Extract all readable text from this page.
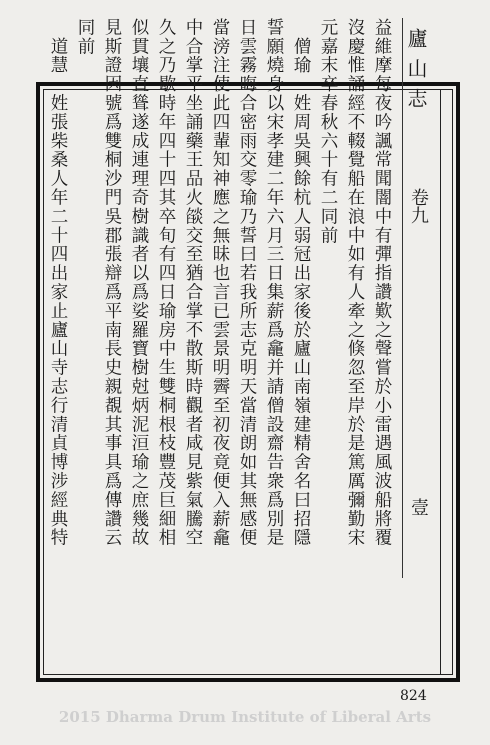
廬山志
卷九
壹
益維摩每夜吟諷常聞闇中有彈指讚歎之聲嘗於小雷遇風波船將覆
沒慶惟誦經不輟覺船在浪中如有人牽之倏忽至岸於是篤厲彌勤宋
元嘉末卒春秋六十有二同前
　僧瑜　姓周吳興餘杭人弱冠出家後於廬山南嶺建精舍名曰招隱
誓願燒身以宋孝建二年六月三日集薪爲龕并請僧設齋告衆爲別是
日雲霧晦合密雨交零瑜乃誓曰若我所志克明天當清朗如其無感便
當滂注使此四輩知神應之無昧也言已雲景明霽至初夜竟便入薪龕
中合掌平坐誦藥王品火燄交至猶合掌不散斯時觀者咸見紫氣騰空
久之乃歇時年四十四其卒旬有四日瑜房中生雙桐根枝豐茂巨細相
似貫壤直聳遂成連理奇樹識者以爲娑羅寶樹尅炳泥洹瑜之庶幾故
見斯證因號爲雙桐沙門吳郡張辯爲平南長史親覩其事具爲傳讚云
同前
　道慧　姓張柴桑人年二十四出家止廬山寺志行清貞博涉經典特
824
2015 Dharma Drum Institute of Liberal Arts
